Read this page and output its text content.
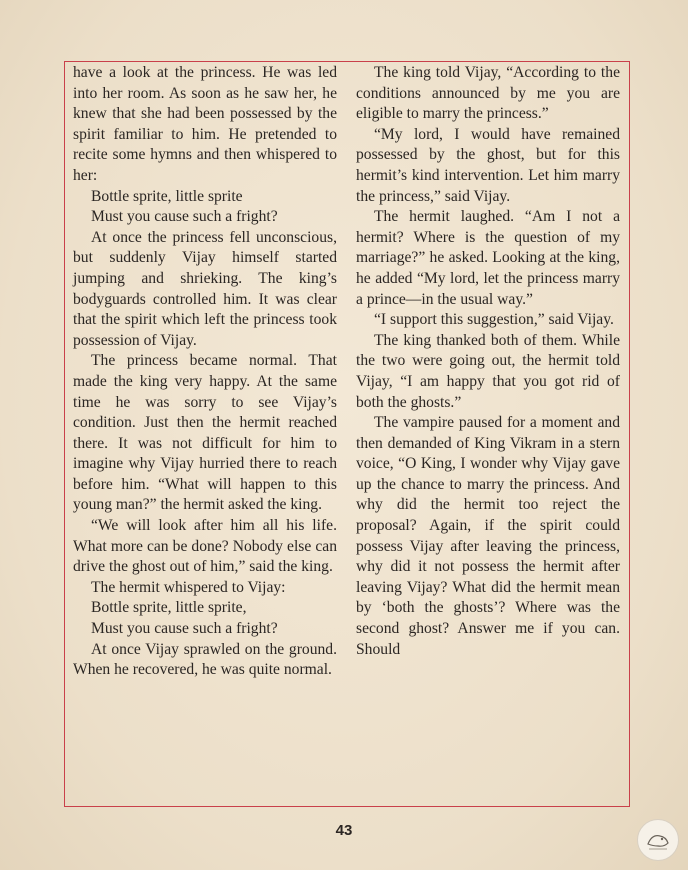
have a look at the princess. He was led into her room. As soon as he saw her, he knew that she had been possessed by the spirit familiar to him. He pretended to recite some hymns and then whispered to her:

Bottle sprite, little sprite

Must you cause such a fright?

At once the princess fell unconscious, but suddenly Vijay himself started jumping and shrieking. The king’s bodyguards controlled him. It was clear that the spirit which left the princess took possession of Vijay.

The princess became normal. That made the king very happy. At the same time he was sorry to see Vijay’s condition. Just then the hermit reached there. It was not difficult for him to imagine why Vijay hurried there to reach before him. “What will happen to this young man?” the hermit asked the king.

“We will look after him all his life. What more can be done? Nobody else can drive the ghost out of him,” said the king.

The hermit whispered to Vijay:

Bottle sprite, little sprite,

Must you cause such a fright?

At once Vijay sprawled on the ground. When he recovered, he was quite normal.

The king told Vijay, “According to the conditions announced by me you are eligible to marry the princess.”

“My lord, I would have remained possessed by the ghost, but for this hermit’s kind intervention. Let him marry the princess,” said Vijay.

The hermit laughed. “Am I not a hermit? Where is the question of my marriage?” he asked. Looking at the king, he added “My lord, let the princess marry a prince—in the usual way.”

“I support this suggestion,” said Vijay.

The king thanked both of them. While the two were going out, the hermit told Vijay, “I am happy that you got rid of both the ghosts.”

The vampire paused for a moment and then demanded of King Vikram in a stern voice, “O King, I wonder why Vijay gave up the chance to marry the princess. And why did the hermit too reject the proposal? Again, if the spirit could possess Vijay after leaving the princess, why did it not possess the hermit after leaving Vijay? What did the hermit mean by ‘both the ghosts’? Where was the second ghost? Answer me if you can. Should

43
